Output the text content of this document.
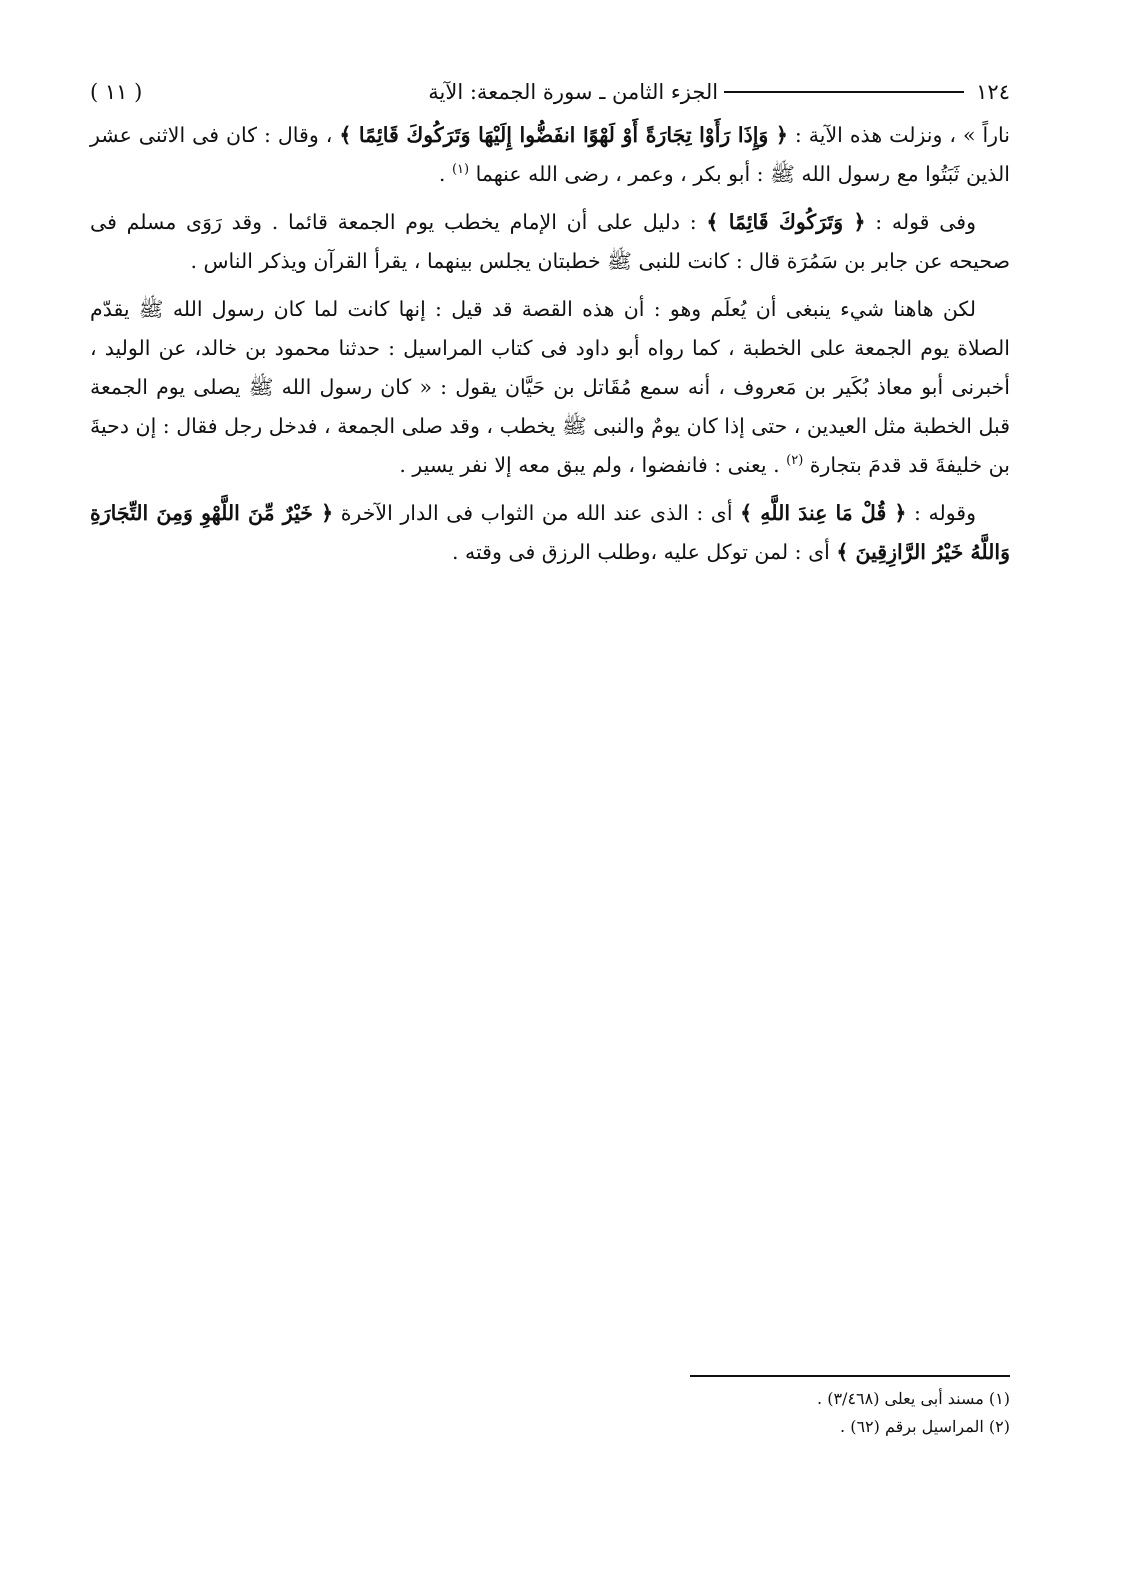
١٢٤
الجزء الثامن ـ سورة الجمعة: الآية
( ١١ )

ناراً » ، ونزلت هذه الآية : ﴿ وَإِذَا رَأَوْا تِجَارَةً أَوْ لَهْوًا انفَضُّوا إِلَيْهَا وَتَرَكُوكَ قَائِمًا ﴾ ، وقال : كان فى الاثنى عشر الذين ثَبَتُوا مع رسول الله ﷺ : أبو بكر ، وعمر ، رضى الله عنهما $^{(١)}$ .

وفى قوله : ﴿ وَتَرَكُوكَ قَائِمًا ﴾ : دليل على أن الإمام يخطب يوم الجمعة قائما . وقد رَوَى مسلم فى صحيحه عن جابر بن سَمُرَة قال : كانت للنبى ﷺ خطبتان يجلس بينهما ، يقرأ القرآن ويذكر الناس .

لكن هاهنا شيء ينبغى أن يُعلَم وهو : أن هذه القصة قد قيل : إنها كانت لما كان رسول الله ﷺ يقدّم الصلاة يوم الجمعة على الخطبة ، كما رواه أبو داود فى كتاب المراسيل : حدثنا محمود بن خالد، عن الوليد ، أخبرنى أبو معاذ بُكَير بن مَعروف ، أنه سمع مُقَاتل بن حَيَّان يقول : « كان رسول الله ﷺ يصلى يوم الجمعة قبل الخطبة مثل العيدين ، حتى إذا كان يومٌ والنبى ﷺ يخطب ، وقد صلى الجمعة ، فدخل رجل فقال : إن دحيةَ بن خليفةَ قد قدمَ بتجارة $^{(٢)}$ . يعنى : فانفضوا ، ولم يبق معه إلا نفر يسير .

وقوله : ﴿ قُلْ مَا عِندَ اللَّهِ ﴾ أى : الذى عند الله من الثواب فى الدار الآخرة ﴿ خَيْرٌ مِّنَ اللَّهْوِ وَمِنَ التِّجَارَةِ وَاللَّهُ خَيْرُ الرَّازِقِينَ ﴾ أى : لمن توكل عليه ،وطلب الرزق فى وقته .

(١) مسند أبى يعلى (٣/٤٦٨) .
(٢) المراسيل برقم (٦٢) .
